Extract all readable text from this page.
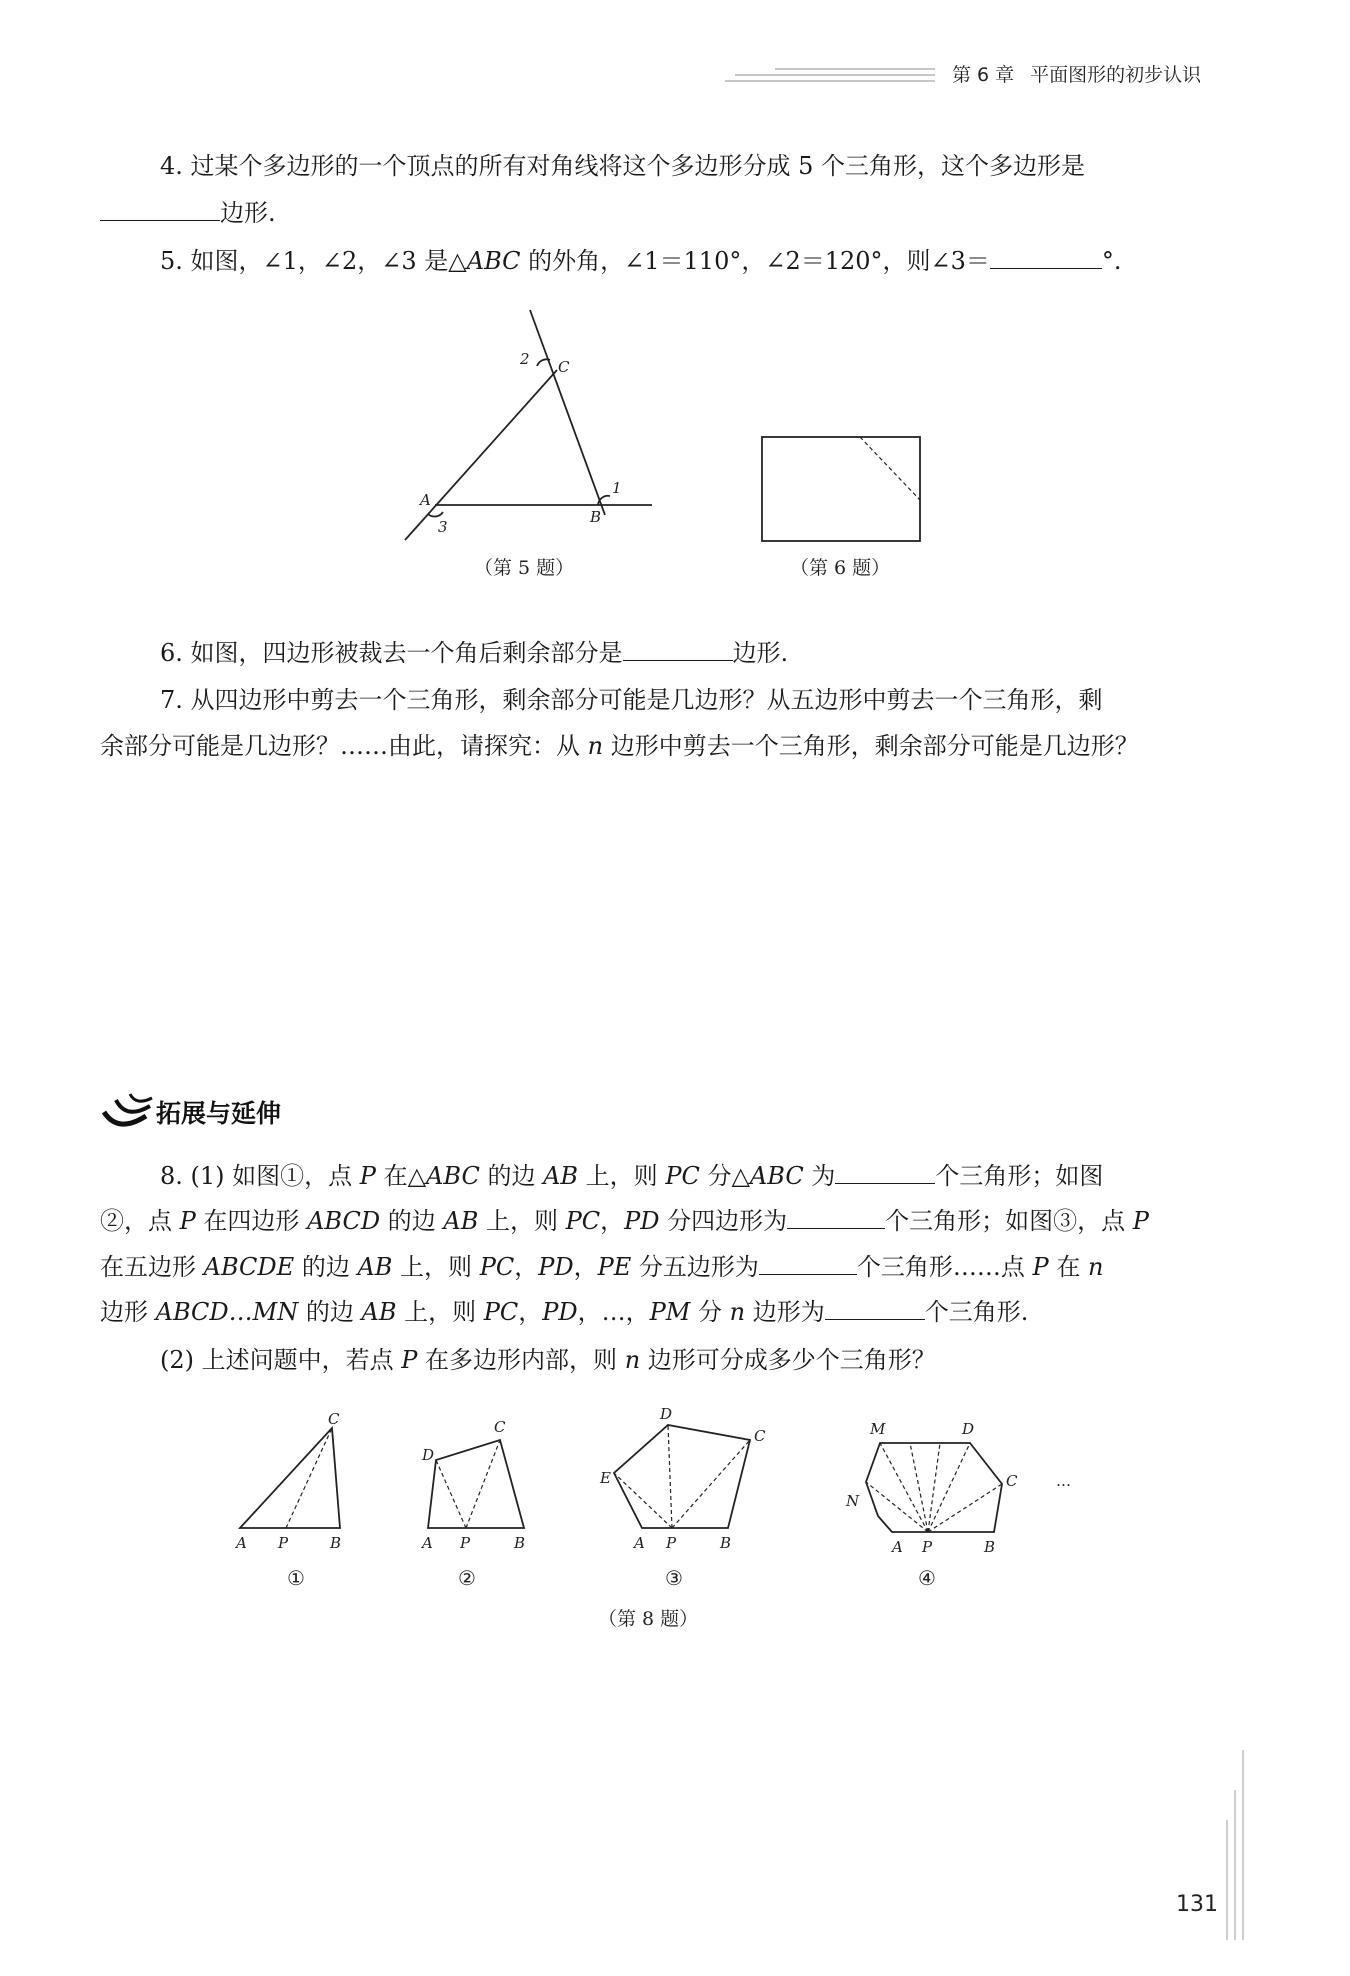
第 6 章 平面图形的初步认识
4. 过某个多边形的一个顶点的所有对角线将这个多边形分成 5 个三角形，这个多边形是
边形.
5. 如图，∠1，∠2，∠3 是△ABC 的外角，∠1＝110°，∠2＝120°，则∠3＝	°.
2 C
A
3
B
1
（第 5 题）	（第 6 题）
6. 如图，四边形被裁去一个角后剩余部分是	边形.
7. 从四边形中剪去一个三角形，剩余部分可能是几边形？从五边形中剪去一个三角形，剩
余部分可能是几边形？……由此，请探究：从 n 边形中剪去一个三角形，剩余部分可能是几边形？
拓展与延伸
8. (1) 如图①，点 P 在△ABC 的边 AB 上，则 PC 分△ABC 为	个三角形；如图
②，点 P 在四边形 ABCD 的边 AB 上，则 PC，PD 分四边形为	个三角形；如图③，点 P
在五边形 ABCDE 的边 AB 上，则 PC，PD，PE 分五边形为	个三角形……点 P 在 n
边形 ABCD…MN 的边 AB 上，则 PC，PD，…，PM 分 n 边形为	个三角形.
(2) 上述问题中，若点 P 在多边形内部，则 n 边形可分成多少个三角形？
C
A P	B
①
C
D
A P	B
②
D
C
E
A P	B
③
M	D
C
N
A P	B
…
④
（第 8 题）
131
